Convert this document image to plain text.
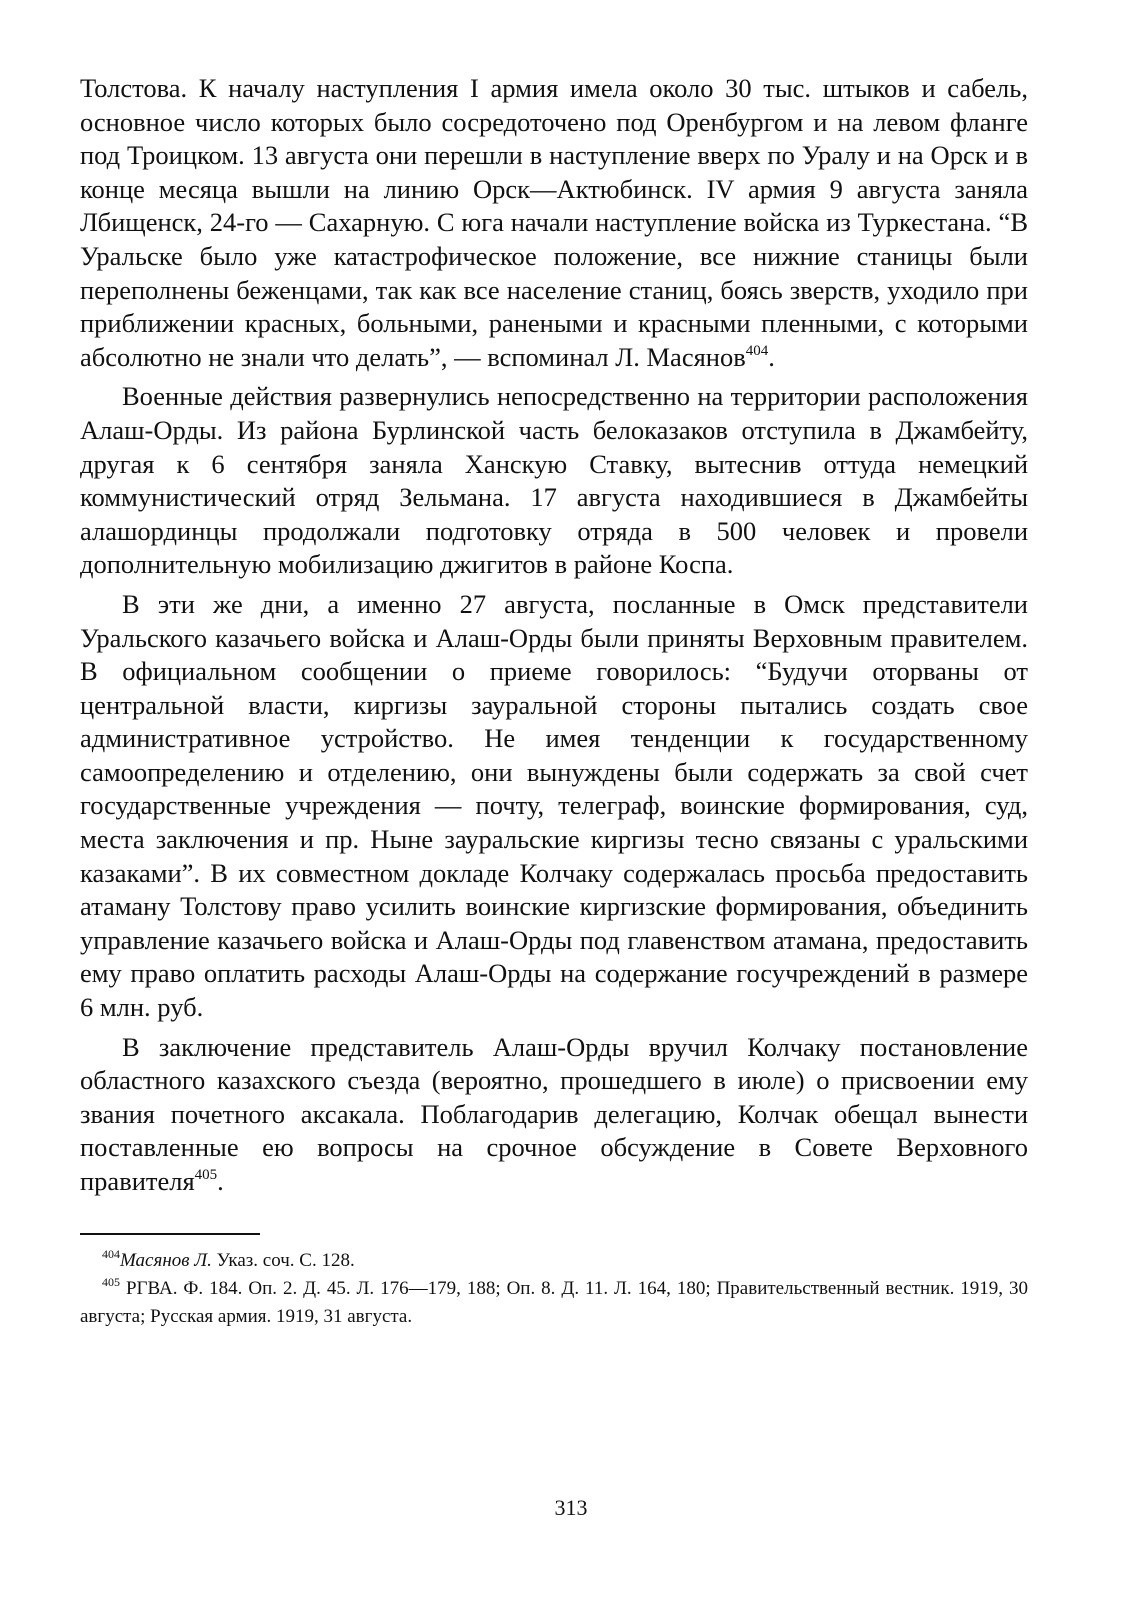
Толстова. К началу наступления I армия имела около 30 тыс. штыков и сабель, основное число которых было сосредоточено под Оренбургом и на левом фланге под Троицком. 13 августа они перешли в наступление вверх по Уралу и на Орск и в конце месяца вышли на линию Орск—Актюбинск. IV армия 9 августа заняла Лбищенск, 24-го — Сахарную. С юга начали наступление войска из Туркестана. “В Уральске было уже катастрофическое положение, все нижние станицы были переполнены беженцами, так как все население станиц, боясь зверств, уходило при приближении красных, больными, ранеными и красными пленными, с которыми абсолютно не знали что делать”, — вспоминал Л. Масянов$^{404}$.

Военные действия развернулись непосредственно на территории расположения Алаш-Орды. Из района Бурлинской часть белоказаков отступила в Джамбейту, другая к 6 сентября заняла Ханскую Ставку, вытеснив оттуда немецкий коммунистический отряд Зельмана. 17 августа находившиеся в Джамбейты алашординцы продолжали подготовку отряда в 500 человек и провели дополнительную мобилизацию джигитов в районе Коспа.

В эти же дни, а именно 27 августа, посланные в Омск представители Уральского казачьего войска и Алаш-Орды были приняты Верховным правителем. В официальном сообщении о приеме говорилось: “Будучи оторваны от центральной власти, киргизы зауральной стороны пытались создать свое административное устройство. Не имея тенденции к государственному самоопределению и отделению, они вынуждены были содержать за свой счет государственные учреждения — почту, телеграф, воинские формирования, суд, места заключения и пр. Ныне зауральские киргизы тесно связаны с уральскими казаками”. В их совместном докладе Колчаку содержалась просьба предоставить атаману Толстову право усилить воинские киргизские формирования, объединить управление казачьего войска и Алаш-Орды под главенством атамана, предоставить ему право оплатить расходы Алаш-Орды на содержание госучреждений в размере 6 млн. руб.

В заключение представитель Алаш-Орды вручил Колчаку постановление областного казахского съезда (вероятно, прошедшего в июле) о присвоении ему звания почетного аксакала. Поблагодарив делегацию, Колчак обещал вынести поставленные ею вопросы на срочное обсуждение в Совете Верховного правителя$^{405}$.

$^{404}$Масянов Л. Указ. соч. С. 128.

$^{405}$ РГВА. Ф. 184. Оп. 2. Д. 45. Л. 176—179, 188; Оп. 8. Д. 11. Л. 164, 180; Правительственный вестник. 1919, 30 августа; Русская армия. 1919, 31 августа.

313
